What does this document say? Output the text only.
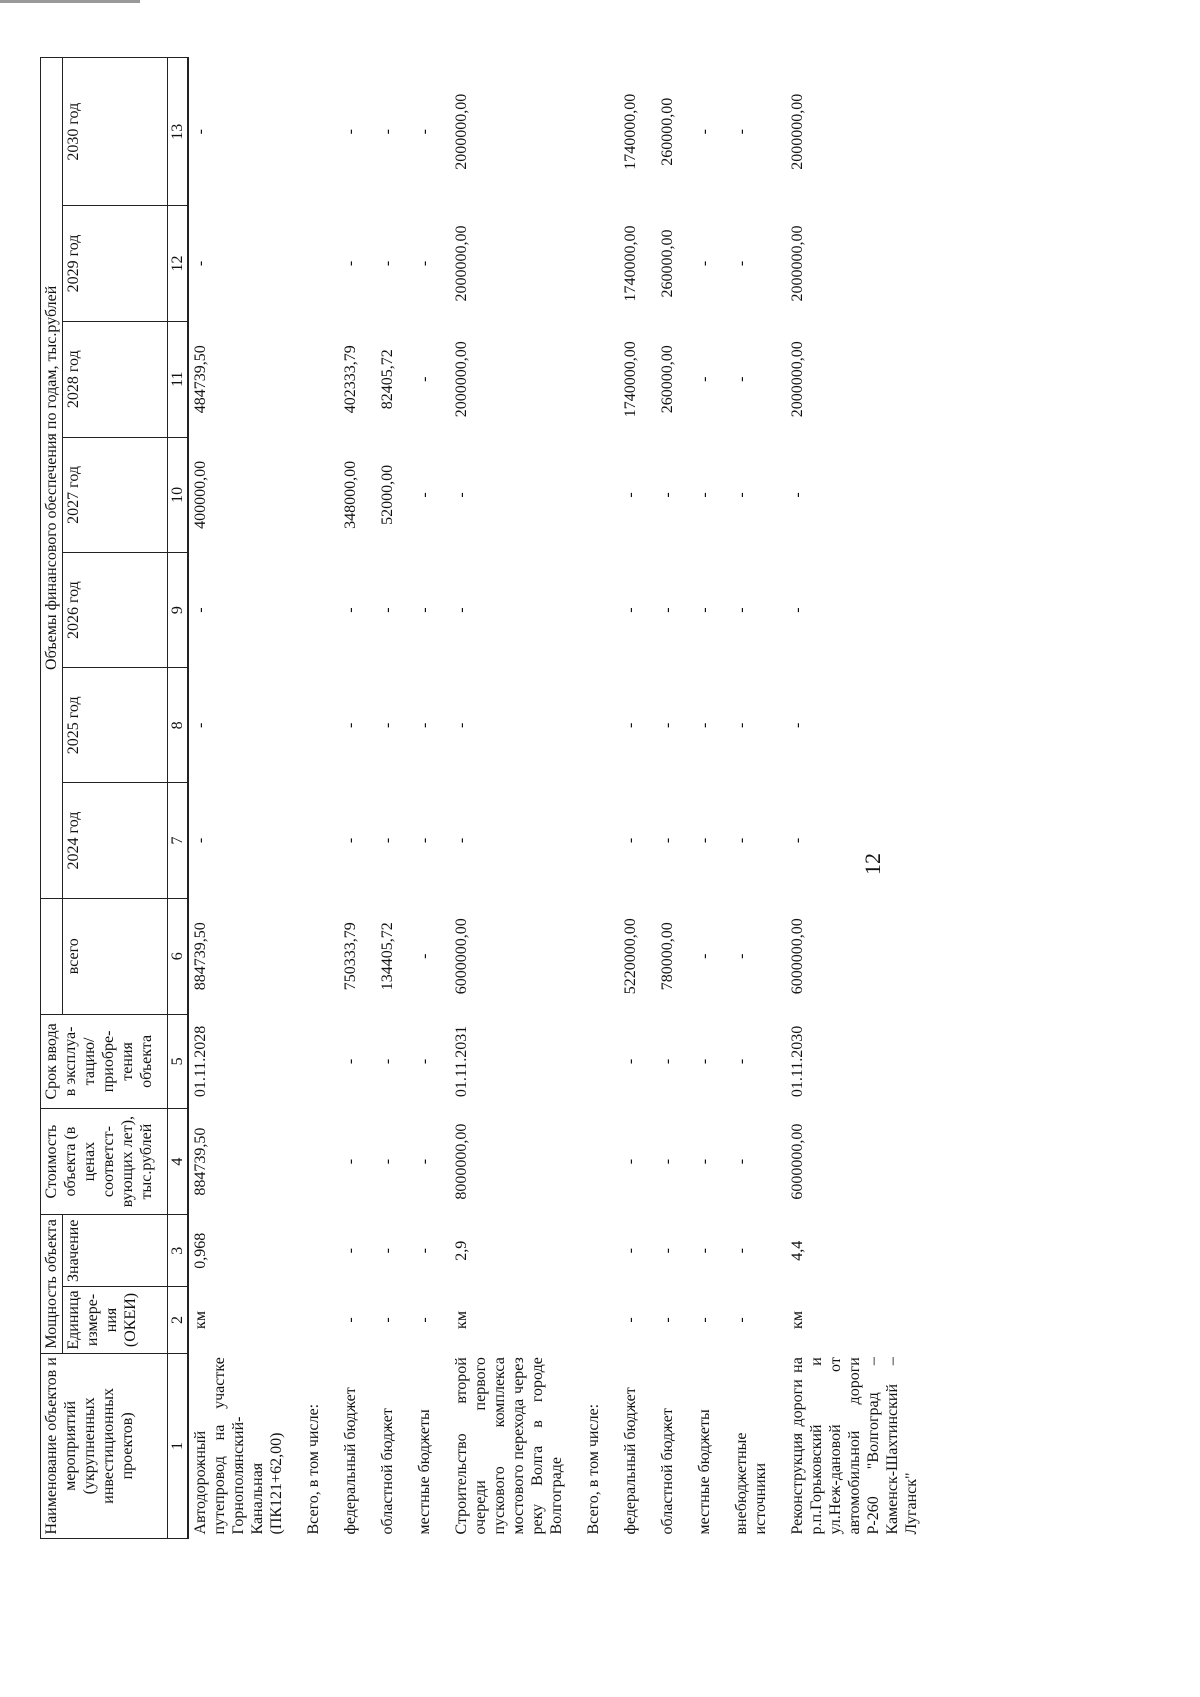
12
Наименование объектов и мероприятий (укрупненных инвестиционных проектов)	Мощность объекта		Стоимость объекта (в ценах соответст- вующих лет), тыс.рублей	Срок ввода в эксплуа- тацию/ приобре- тения объекта		Объемы финансового обеспечения по годам, тыс.рублей						
	Единица измере- ния (ОКЕИ)	Значение			всего	2024 год	2025 год	2026 год	2027 год	2028 год	2029 год	2030 год
1	2	3	4	5	6	7	8	9	10	11	12	13
Автодорожный путепровод на участке Горнополянский-Канальная (ПК121+62,00)	км	0,968	884739,50	01.11.2028	884739,50	-	-	-	400000,00	484739,50	-	-

Всего, в том числе:												

федеральный бюджет	-	-	-	-	750333,79	-	-	-	348000,00	402333,79	-	-

областной бюджет	-	-	-	-	134405,72	-	-	-	52000,00	82405,72	-	-

местные бюджеты	-	-	-	-	-	-	-	-	-	-	-	-

Строительство второй очереди первого пускового комплекса мостового перехода через реку Волга в городе Волгограде	км	2,9	8000000,00	01.11.2031	6000000,00	-	-	-	-	2000000,00	2000000,00	2000000,00

Всего, в том числе:												

федеральный бюджет	-	-	-	-	5220000,00	-	-	-	-	1740000,00	1740000,00	1740000,00

областной бюджет	-	-	-	-	780000,00	-	-	-	-	260000,00	260000,00	260000,00

местные бюджеты	-	-	-	-	-	-	-	-	-	-	-	-

внебюджетные источники	-	-	-	-	-	-	-	-	-	-	-	-

Реконструкция дороги на р.п.Горьковский и ул.Неж-дановой от автомобильной дороги Р-260 "Волгоград – Каменск-Шахтинский – Луганск"	км	4,4	6000000,00	01.11.2030	6000000,00	-	-	-	-	2000000,00	2000000,00	2000000,00
